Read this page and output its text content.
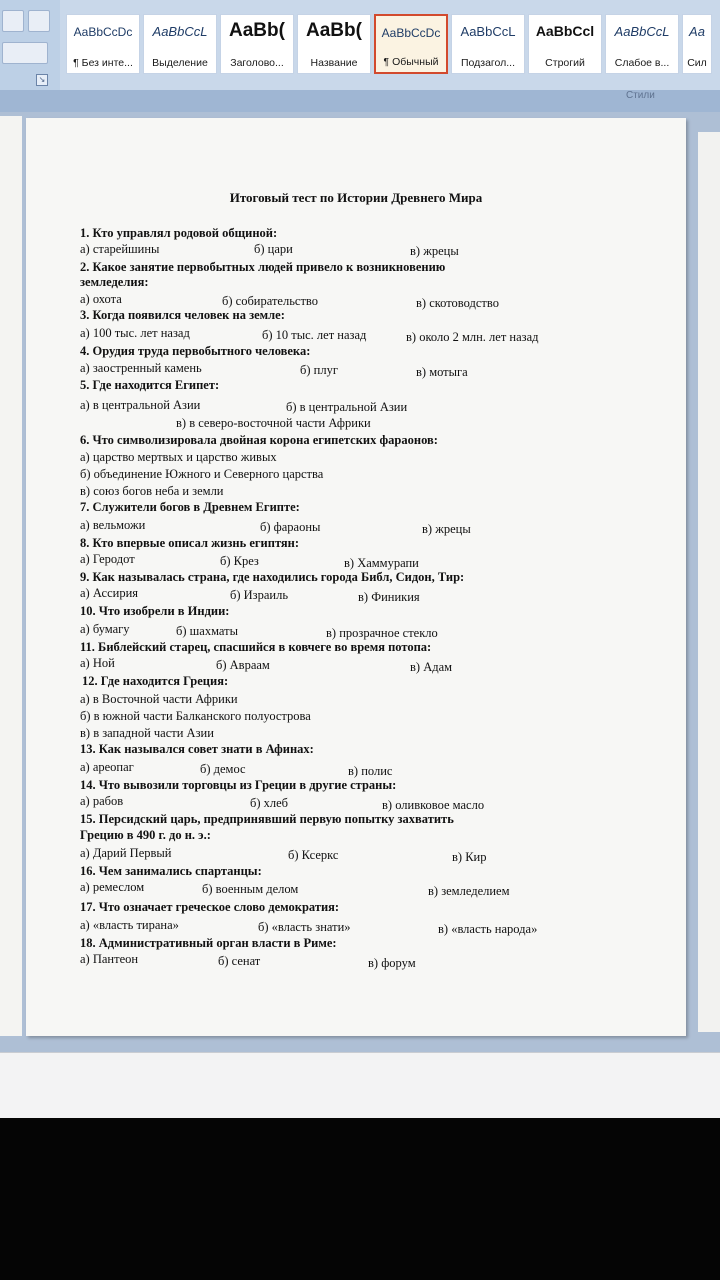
↘
AaBbCcDc
¶ Без инте...
AaBbCcL
Выделение
AaBb(
Заголово...
AaBb(
Название
AaBbCcDc
¶ Обычный
AaBbCcL
Подзагол...
AaBbCcl
Строгий
AaBbCcL
Слабое в...
Aa
Сил
Стили
Итоговый тест по Истории Древнего Мира
1. Кто управлял родовой общиной:
а) старейшины	б) цари	в) жрецы
2. Какое занятие первобытных людей привело к возникновению
земледелия:
а) охота	б) собирательство	в) скотоводство
3. Когда появился человек на земле:
а) 100 тыс. лет назад	б) 10 тыс. лет назад	в) около 2 млн. лет назад
4. Орудия труда первобытного человека:
а) заостренный камень	б) плуг	в) мотыга
5. Где находится Египет:
а) в центральной Азии	б) в центральной Азии
в) в северо-восточной части Африки
6. Что символизировала двойная корона египетских фараонов:
а) царство мертвых и царство живых
б) объединение Южного и Северного царства
в) союз богов неба и земли
7. Служители богов в Древнем Египте:
а) вельможи	б) фараоны	в) жрецы
8. Кто впервые описал жизнь египтян:
а) Геродот	б) Крез	в) Хаммурапи
9. Как называлась страна, где находились города Библ, Сидон, Тир:
а) Ассирия	б) Израиль	в) Финикия
10. Что изобрели в Индии:
а) бумагу	б) шахматы	в) прозрачное стекло
11. Библейский старец, спасшийся в ковчеге во время потопа:
а) Ной	б) Авраам	в) Адам
12. Где находится Греция:
а) в Восточной части Африки
б) в южной части Балканского полуострова
в) в западной части Азии
13. Как назывался совет знати в Афинах:
а) ареопаг	б) демос	в) полис
14. Что вывозили торговцы из Греции в другие страны:
а) рабов	б) хлеб	в) оливковое масло
15. Персидский царь, предпринявший первую попытку захватить
Грецию в 490 г. до н. э.:
а) Дарий Первый	б) Ксеркс	в) Кир
16. Чем занимались спартанцы:
а) ремеслом	б) военным делом	в) земледелием
17. Что означает греческое слово демократия:
а) «власть тирана»	б) «власть знати»	в) «власть народа»
18. Административный орган власти в Риме:
а) Пантеон	б) сенат	в) форум
